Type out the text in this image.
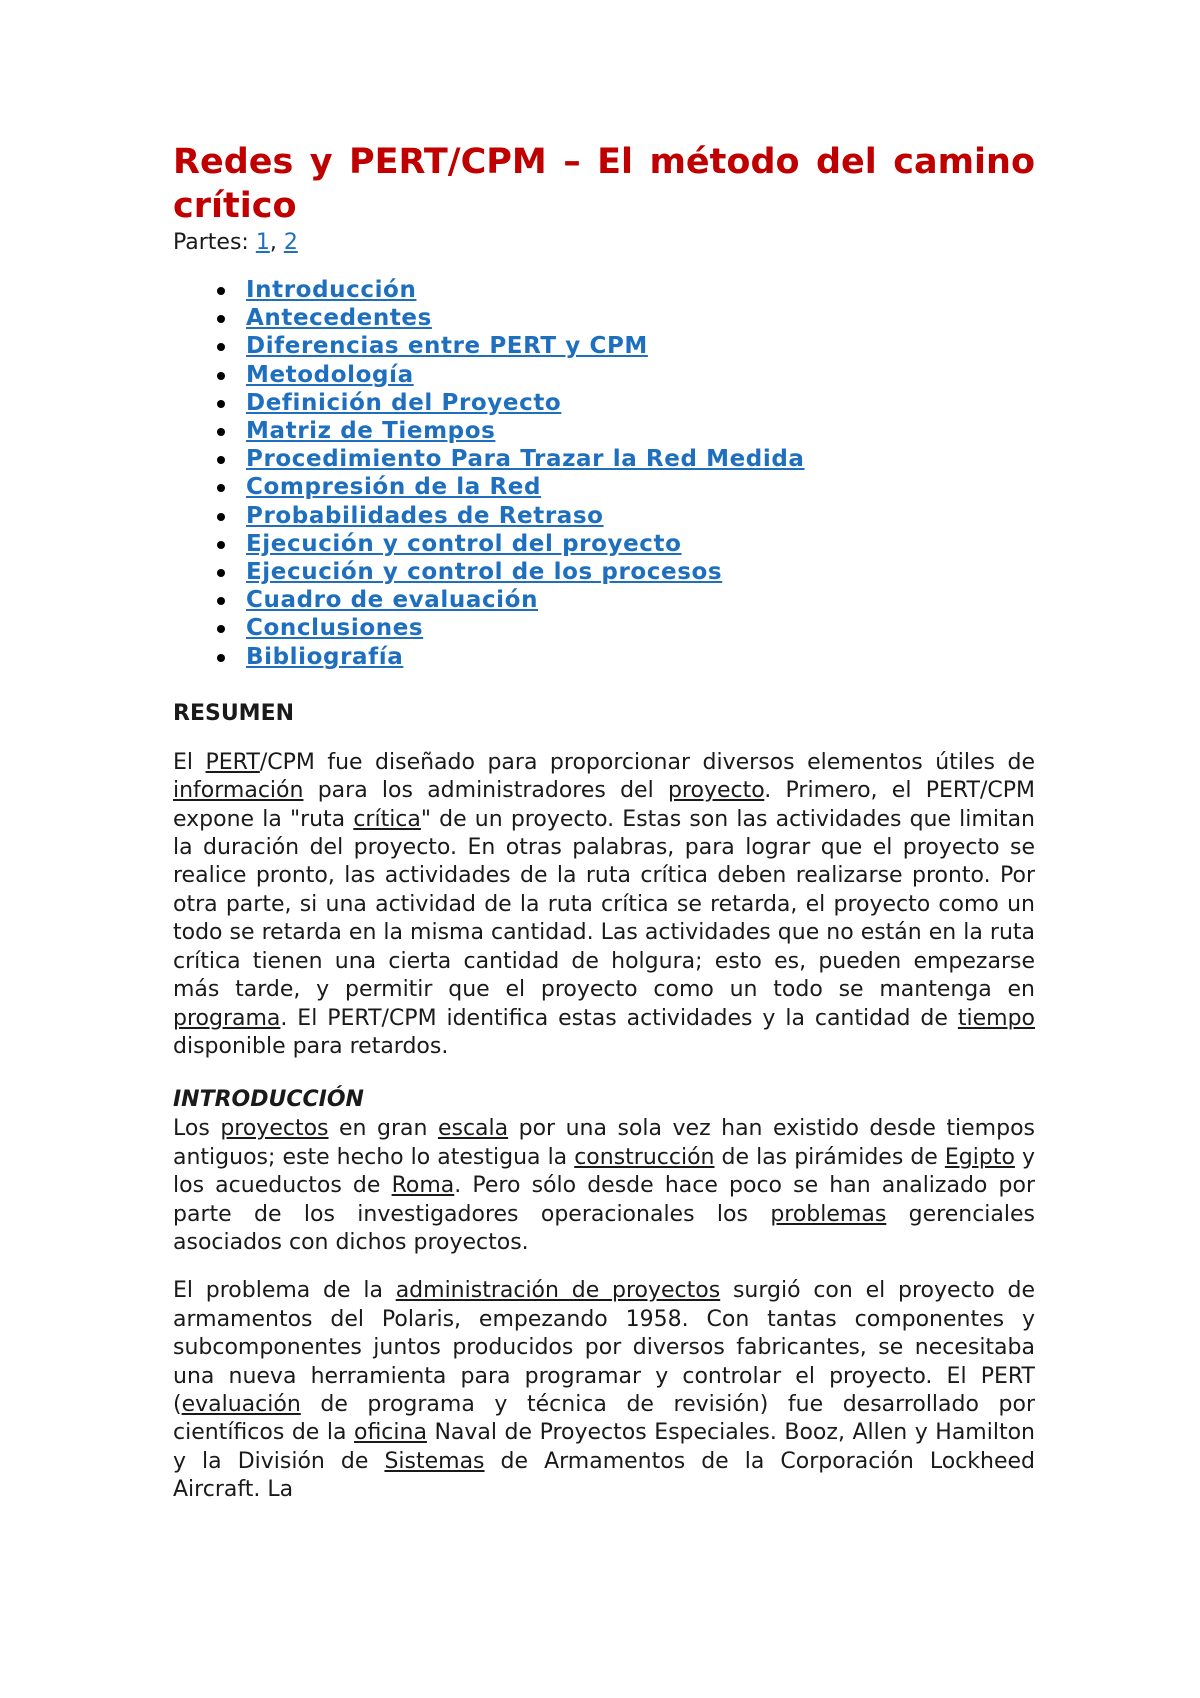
Redes y PERT/CPM – El método del camino crítico
Partes: 1, 2
Introducción
Antecedentes
Diferencias entre PERT y CPM
Metodología
Definición del Proyecto
Matriz de Tiempos
Procedimiento Para Trazar la Red Medida
Compresión de la Red
Probabilidades de Retraso
Ejecución y control del proyecto
Ejecución y control de los procesos
Cuadro de evaluación
Conclusiones
Bibliografía
RESUMEN

El PERT/CPM fue diseñado para proporcionar diversos elementos útiles de información para los administradores del proyecto. Primero, el PERT/CPM expone la "ruta crítica" de un proyecto. Estas son las actividades que limitan la duración del proyecto. En otras palabras, para lograr que el proyecto se realice pronto, las actividades de la ruta crítica deben realizarse pronto. Por otra parte, si una actividad de la ruta crítica se retarda, el proyecto como un todo se retarda en la misma cantidad. Las actividades que no están en la ruta crítica tienen una cierta cantidad de holgura; esto es, pueden empezarse más tarde, y permitir que el proyecto como un todo se mantenga en programa. El PERT/CPM identifica estas actividades y la cantidad de tiempo disponible para retardos.

INTRODUCCIÓN

Los proyectos en gran escala por una sola vez han existido desde tiempos antiguos; este hecho lo atestigua la construcción de las pirámides de Egipto y los acueductos de Roma. Pero sólo desde hace poco se han analizado por parte de los investigadores operacionales los problemas gerenciales asociados con dichos proyectos.

El problema de la administración de proyectos surgió con el proyecto de armamentos del Polaris, empezando 1958. Con tantas componentes y subcomponentes juntos producidos por diversos fabricantes, se necesitaba una nueva herramienta para programar y controlar el proyecto. El PERT (evaluación de programa y técnica de revisión) fue desarrollado por científicos de la oficina Naval de Proyectos Especiales. Booz, Allen y Hamilton y la División de Sistemas de Armamentos de la Corporación Lockheed Aircraft. La
